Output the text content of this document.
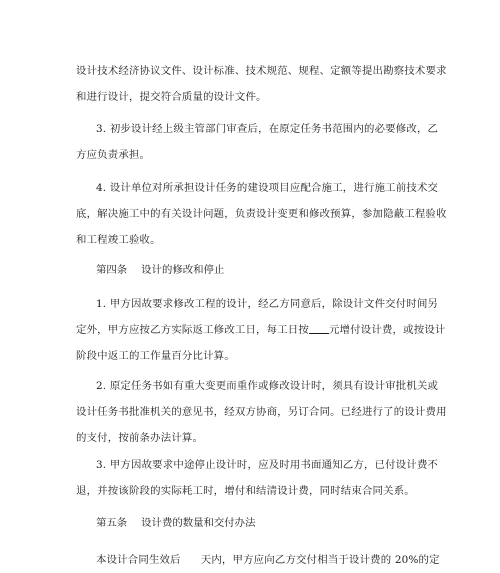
设计技术经济协议文件、设计标准、技术规范、规程、定额等提出勘察技术要求
和进行设计，提交符合质量的设计文件。
3. 初步设计经上级主管部门审查后，在原定任务书范围内的必要修改，乙
方应负责承担。
4. 设计单位对所承担设计任务的建设项目应配合施工，进行施工前技术交
底，解决施工中的有关设计问题，负责设计变更和修改预算，参加隐蔽工程验收
和工程竣工验收。
第四条 设计的修改和停止
1. 甲方因故要求修改工程的设计，经乙方同意后，除设计文件交付时间另
定外，甲方应按乙方实际返工修改工日，每工日按 元增付设计费，或按设计
阶段中返工的工作量百分比计算。
2. 原定任务书如有重大变更而重作或修改设计时，须具有设计审批机关或
设计任务书批准机关的意见书，经双方协商，另订合同。已经进行了的设计费用
的支付，按前条办法计算。
3. 甲方因故要求中途停止设计时，应及时用书面通知乙方，已付设计费不
退，并按该阶段的实际耗工时，增付和结清设计费，同时结束合同关系。
第五条 设计费的数量和交付办法
本设计合同生效后 天内，甲方应向乙方交付相当于设计费的 20%的定
